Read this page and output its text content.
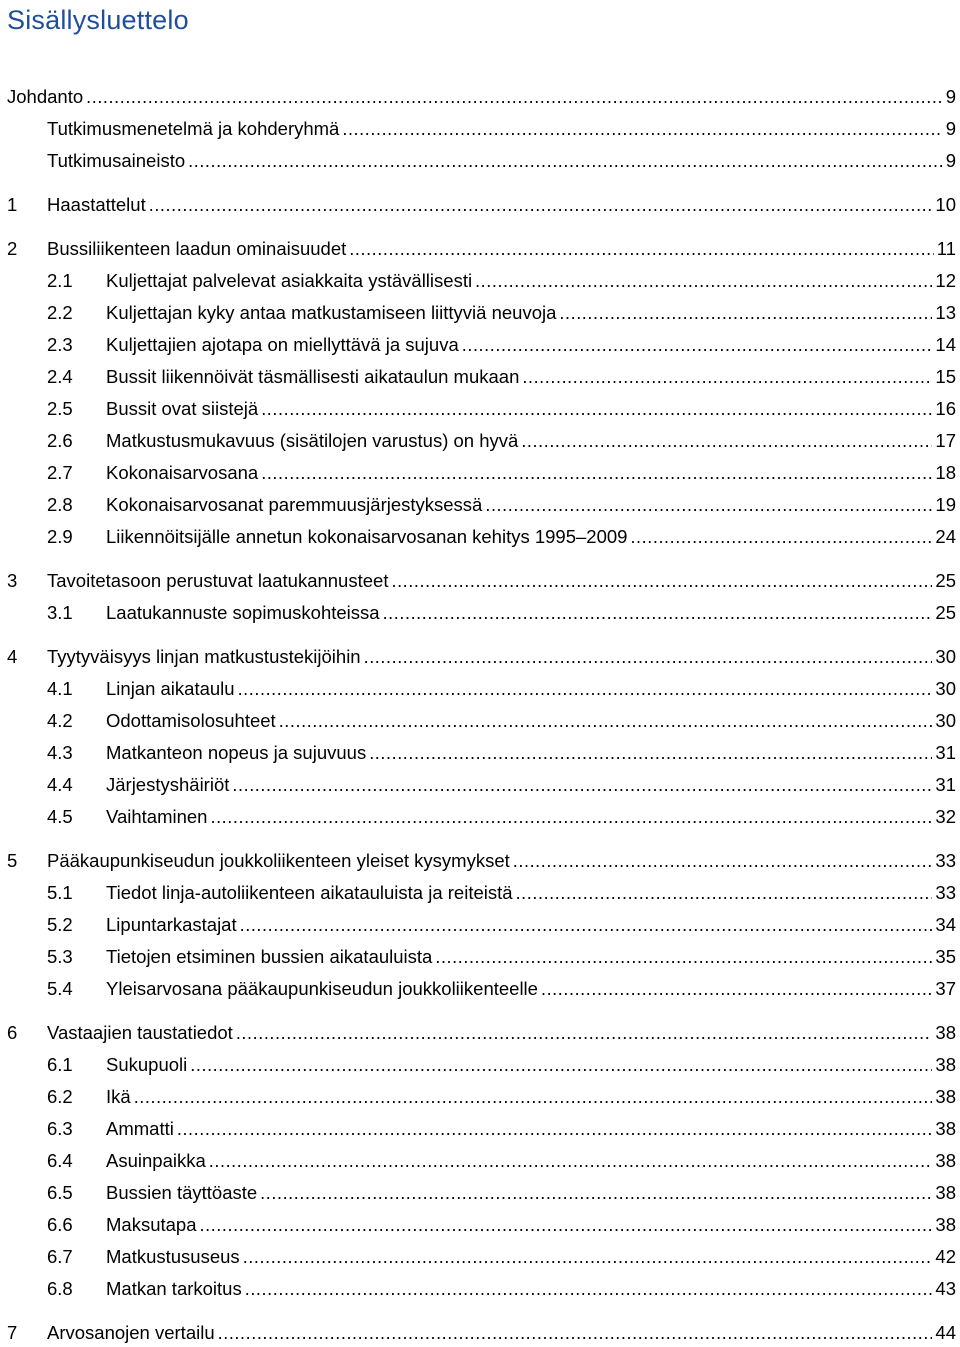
Sisällysluettelo
Johdanto .....	9
Tutkimusmenetelmä ja kohderyhmä .....	9
Tutkimusaineisto .....	9
1	Haastattelut .....	10
2	Bussiliikenteen laadun ominaisuudet .....	11
2.1	Kuljettajat palvelevat asiakkaita ystävällisesti .....	12
2.2	Kuljettajan kyky antaa matkustamiseen liittyviä neuvoja .....	13
2.3	Kuljettajien ajotapa on miellyttävä ja sujuva .....	14
2.4	Bussit liikennöivät täsmällisesti aikataulun mukaan .....	15
2.5	Bussit ovat siistejä .....	16
2.6	Matkustusmukavuus (sisätilojen varustus) on hyvä .....	17
2.7	Kokonaisarvosana .....	18
2.8	Kokonaisarvosanat paremmuusjärjestyksessä .....	19
2.9	Liikennöitsijälle annetun kokonaisarvosanan kehitys 1995–2009 .....	24
3	Tavoitetasoon perustuvat laatukannusteet .....	25
3.1	Laatukannuste sopimuskohteissa .....	25
4	Tyytyväisyys linjan matkustustekijöihin .....	30
4.1	Linjan aikataulu .....	30
4.2	Odottamisolosuhteet .....	30
4.3	Matkanteon nopeus ja sujuvuus .....	31
4.4	Järjestyshäiriöt .....	31
4.5	Vaihtaminen .....	32
5	Pääkaupunkiseudun joukkoliikenteen yleiset kysymykset .....	33
5.1	Tiedot linja-autoliikenteen aikatauluista ja reiteistä .....	33
5.2	Lipuntarkastajat .....	34
5.3	Tietojen etsiminen bussien aikatauluista .....	35
5.4	Yleisarvosana pääkaupunkiseudun joukkoliikenteelle .....	37
6	Vastaajien taustatiedot .....	38
6.1	Sukupuoli .....	38
6.2	Ikä .....	38
6.3	Ammatti .....	38
6.4	Asuinpaikka .....	38
6.5	Bussien täyttöaste .....	38
6.6	Maksutapa .....	38
6.7	Matkustususeus .....	42
6.8	Matkan tarkoitus .....	43
7	Arvosanojen vertailu .....	44
